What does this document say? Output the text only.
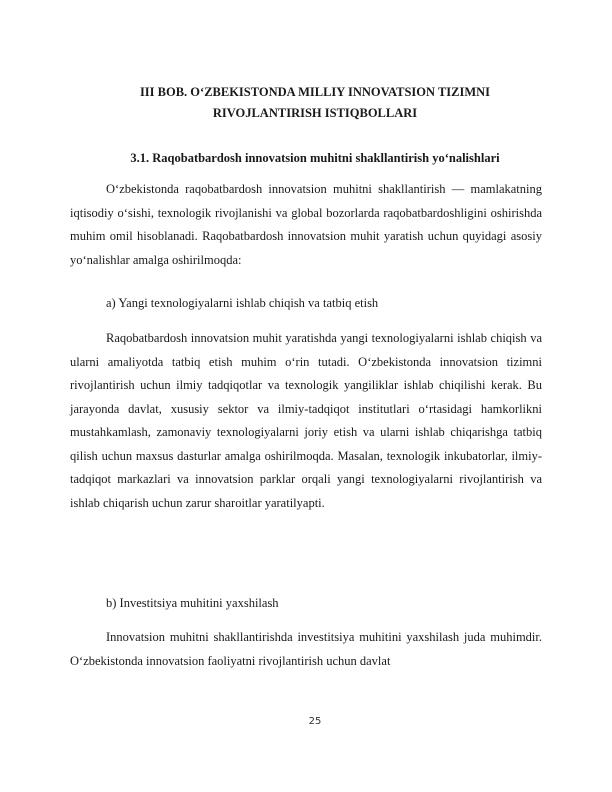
III BOB. O‘ZBEKISTONDA MILLIY INNOVATSION TIZIMNI
RIVOJLANTIRISH ISTIQBOLLARI
3.1. Raqobatbardosh innovatsion muhitni shakllantirish yo‘nalishlari

O‘zbekistonda raqobatbardosh innovatsion muhitni shakllantirish — mamlakatning iqtisodiy o‘sishi, texnologik rivojlanishi va global bozorlarda raqobatbardoshligini oshirishda muhim omil hisoblanadi. Raqobatbardosh innovatsion muhit yaratish uchun quyidagi asosiy yo‘nalishlar amalga oshirilmoqda:

a) Yangi texnologiyalarni ishlab chiqish va tatbiq etish

Raqobatbardosh innovatsion muhit yaratishda yangi texnologiyalarni ishlab chiqish va ularni amaliyotda tatbiq etish muhim o‘rin tutadi. O‘zbekistonda innovatsion tizimni rivojlantirish uchun ilmiy tadqiqotlar va texnologik yangiliklar ishlab chiqilishi kerak. Bu jarayonda davlat, xususiy sektor va ilmiy-tadqiqot institutlari o‘rtasidagi hamkorlikni mustahkamlash, zamonaviy texnologiyalarni joriy etish va ularni ishlab chiqarishga tatbiq qilish uchun maxsus dasturlar amalga oshirilmoqda. Masalan, texnologik inkubatorlar, ilmiy-tadqiqot markazlari va innovatsion parklar orqali yangi texnologiyalarni rivojlantirish va ishlab chiqarish uchun zarur sharoitlar yaratilyapti.

b) Investitsiya muhitini yaxshilash

Innovatsion muhitni shakllantirishda investitsiya muhitini yaxshilash juda muhimdir. O‘zbekistonda innovatsion faoliyatni rivojlantirish uchun davlat

25
